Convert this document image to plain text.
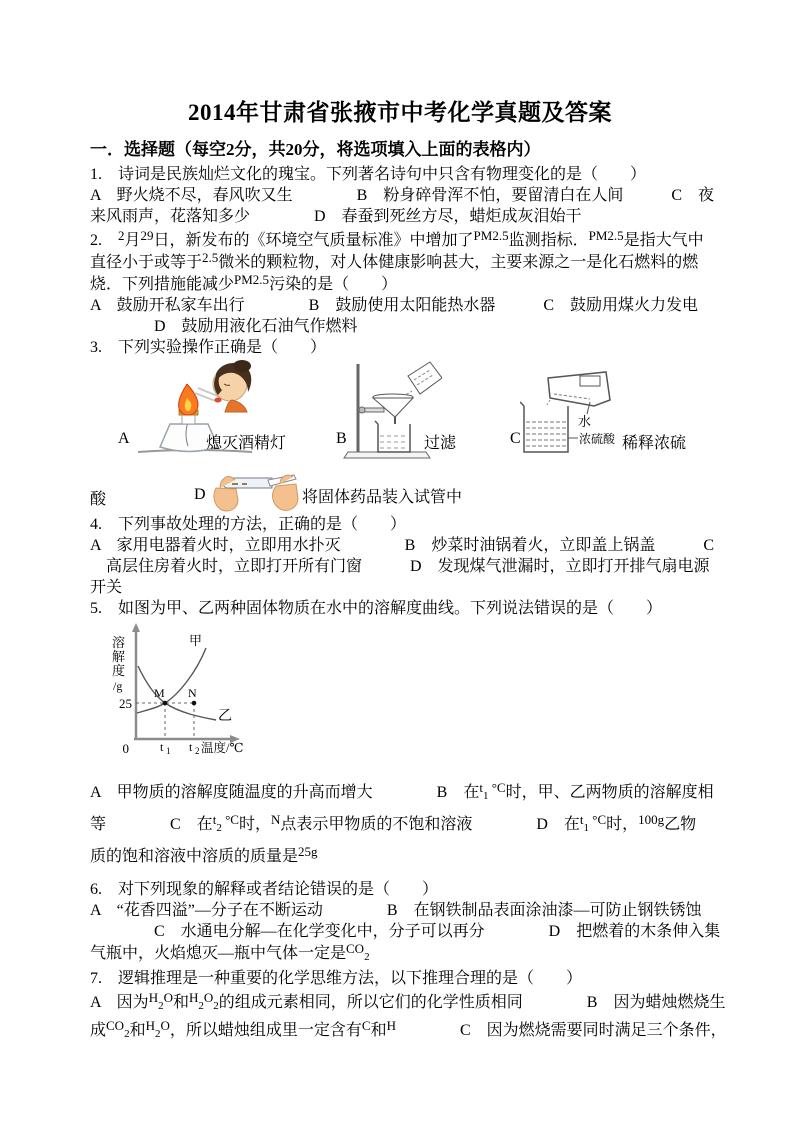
2014年甘肃省张掖市中考化学真题及答案
一．选择题（每空2分，共20分，将选项填入上面的表格内）
1.　诗词是民族灿烂文化的瑰宝。下列著名诗句中只含有物理变化的是（　　）
A　野火烧不尽，春风吹又生　　　　B　粉身碎骨浑不怕，要留清白在人间　　　C　夜
来风雨声，花落知多少　　　　D　春蚕到死丝方尽，蜡炬成灰泪始干
2.　$^2$月$^{29}$日，新发布的《环境空气质量标准》中增加了$^{PM2.5}$监测指标．$^{PM2.5}$是指大气中
直径小于或等于$^{2.5}$微米的颗粒物，对人体健康影响甚大，主要来源之一是化石燃料的燃
烧．下列措施能减少$^{PM2.5}$污染的是（　　）
A　鼓励开私家车出行　　　　B　鼓励使用太阳能热水器　　　C　鼓励用煤火力发电
　　　　D　鼓励用液化石油气作燃料
3.　下列实验操作正确是（　　）
A	熄灭酒精灯	B	过滤	C
水
浓硫酸 稀释浓硫
酸	D	将固体药品装入试管中
4.　下列事故处理的方法，正确的是（　　）
A　家用电器着火时，立即用水扑灭　　　　B　炒菜时油锅着火，立即盖上锅盖　　　C
　高层住房着火时，立即打开所有门窗　　　D　发现煤气泄漏时，立即打开排气扇电源
开关
5.　如图为甲、乙两种固体物质在水中的溶解度曲线。下列说法错误的是（　　）
溶
解
度
/g
25
0	t 1 t 2 温度/℃
M N
甲
乙
A　甲物质的溶解度随温度的升高而增大　　　　B　在$^t$1 $^{^\circ C}$时，甲、乙两物质的溶解度相
等　　　　C　在$^t$2 $^{^\circ C}$时，$^N$点表示甲物质的不饱和溶液　　　　D　在$^t$1 $^{^\circ C}$时，$^{100g}$乙物
质的饱和溶液中溶质的质量是$^{25g}$
6.　对下列现象的解释或者结论错误的是（　　）
A　“花香四溢”—分子在不断运动　　　　B　在钢铁制品表面涂油漆—可防止钢铁锈蚀
　　　　C　水通电分解—在化学变化中，分子可以再分　　　　D　把燃着的木条伸入集
气瓶中，火焰熄灭—瓶中气体一定是$^{CO}$2
7.　逻辑推理是一种重要的化学思维方法，以下推理合理的是（　　）
A　因为$^H2^O$和$^H2^O2$的组成元素相同，所以它们的化学性质相同　　　　B　因为蜡烛燃烧生
成$^{CO}$2和$^H2^O$，所以蜡烛组成里一定含有$^C$和$^H$　　　　C　因为燃烧需要同时满足三个条件，
